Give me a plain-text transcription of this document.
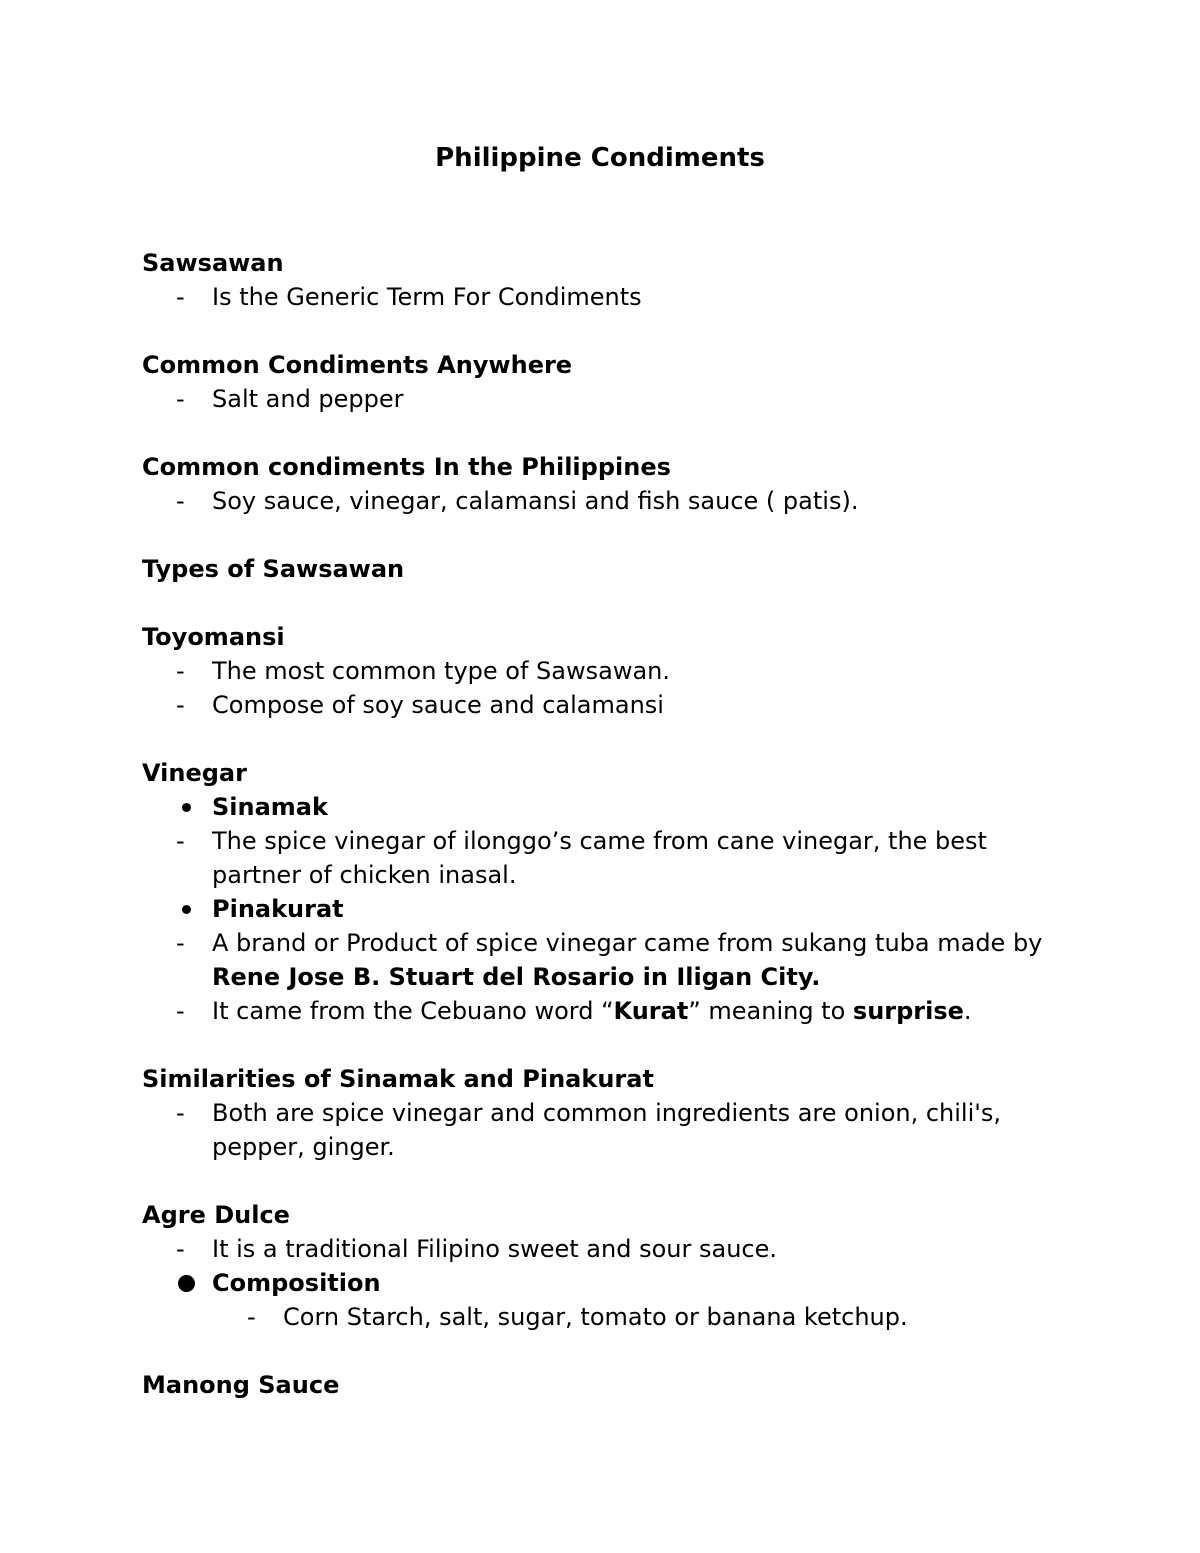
Philippine Condiments
Sawsawan
-	Is the Generic Term For Condiments
Common Condiments Anywhere
-	Salt and pepper
Common condiments In the Philippines
-	Soy sauce, vinegar, calamansi and fish sauce ( patis).
Types of Sawsawan
Toyomansi
-	The most common type of Sawsawan.
-	Compose of soy sauce and calamansi
Vinegar
Sinamak
-	The spice vinegar of ilonggo’s came from cane vinegar, the best partner of chicken inasal.
Pinakurat
-	A brand or Product of spice vinegar came from sukang tuba made by Rene Jose B. Stuart del Rosario in Iligan City.
-	It came from the Cebuano word “Kurat” meaning to surprise.
Similarities of Sinamak and Pinakurat
-	Both are spice vinegar and common ingredients are onion, chili's, pepper, ginger.
Agre Dulce
-	It is a traditional Filipino sweet and sour sauce.
Composition
-	Corn Starch, salt, sugar, tomato or banana ketchup.
Manong Sauce
